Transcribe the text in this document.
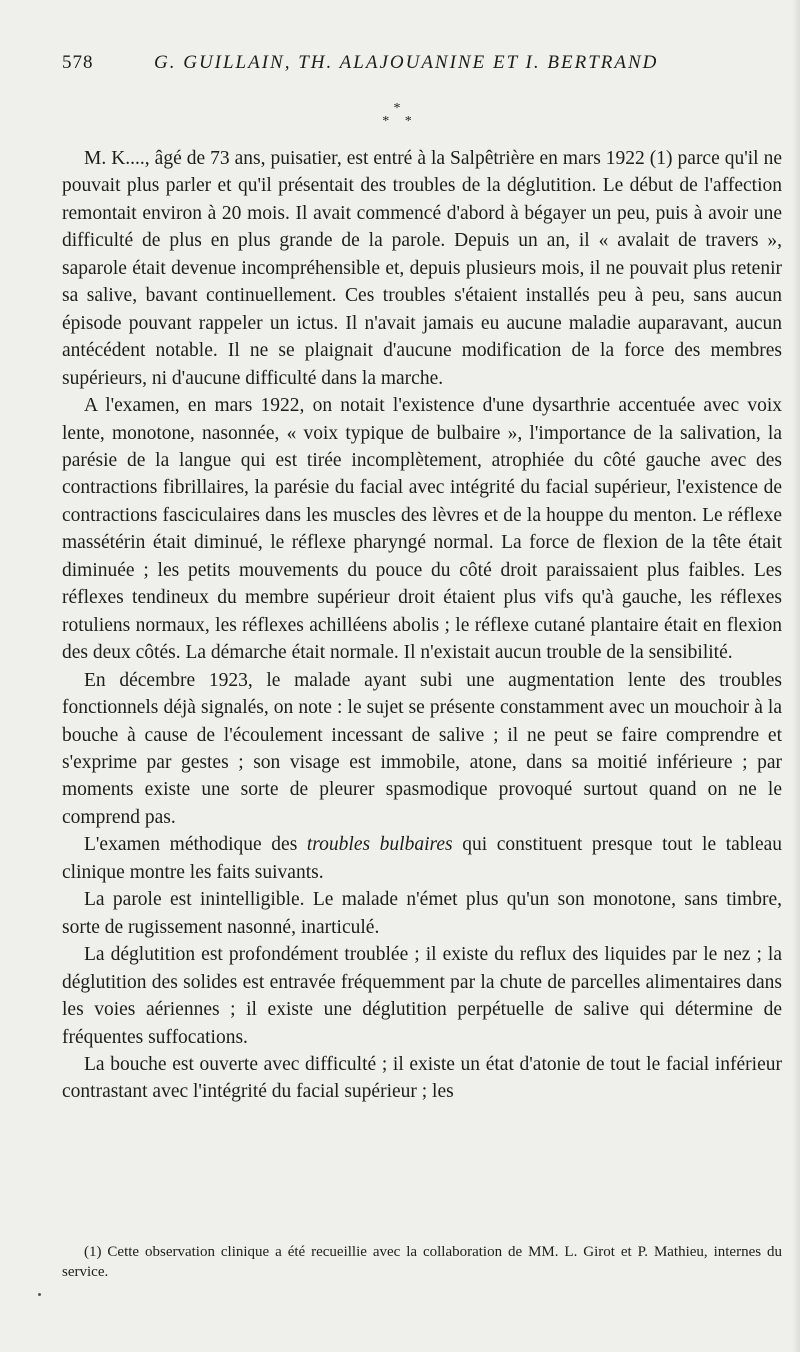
578	G. GUILLAIN, TH. ALAJOUANINE ET I. BERTRAND
*
* *

M. K...., âgé de 73 ans, puisatier, est entré à la Salpêtrière en mars 1922 (1) parce qu'il ne pouvait plus parler et qu'il présentait des troubles de la déglutition. Le début de l'affection remontait environ à 20 mois. Il avait commencé d'abord à bégayer un peu, puis à avoir une difficulté de plus en plus grande de la parole. Depuis un an, il « avalait de travers », saparole était devenue incompréhensible et, depuis plusieurs mois, il ne pouvait plus retenir sa salive, bavant continuellement. Ces troubles s'étaient installés peu à peu, sans aucun épisode pouvant rappeler un ictus. Il n'avait jamais eu aucune maladie auparavant, aucun antécédent notable. Il ne se plaignait d'aucune modification de la force des membres supérieurs, ni d'aucune difficulté dans la marche.

A l'examen, en mars 1922, on notait l'existence d'une dysarthrie accentuée avec voix lente, monotone, nasonnée, « voix typique de bulbaire », l'importance de la salivation, la parésie de la langue qui est tirée incomplètement, atrophiée du côté gauche avec des contractions fibrillaires, la parésie du facial avec intégrité du facial supérieur, l'existence de contractions fasciculaires dans les muscles des lèvres et de la houppe du menton. Le réflexe massétérin était diminué, le réflexe pharyngé normal. La force de flexion de la tête était diminuée ; les petits mouvements du pouce du côté droit paraissaient plus faibles. Les réflexes tendineux du membre supérieur droit étaient plus vifs qu'à gauche, les réflexes rotuliens normaux, les réflexes achilléens abolis ; le réflexe cutané plantaire était en flexion des deux côtés. La démarche était normale. Il n'existait aucun trouble de la sensibilité.

En décembre 1923, le malade ayant subi une augmentation lente des troubles fonctionnels déjà signalés, on note : le sujet se présente constamment avec un mouchoir à la bouche à cause de l'écoulement incessant de salive ; il ne peut se faire comprendre et s'exprime par gestes ; son visage est immobile, atone, dans sa moitié inférieure ; par moments existe une sorte de pleurer spasmodique provoqué surtout quand on ne le comprend pas.

L'examen méthodique des troubles bulbaires qui constituent presque tout le tableau clinique montre les faits suivants.

La parole est inintelligible. Le malade n'émet plus qu'un son monotone, sans timbre, sorte de rugissement nasonné, inarticulé.

La déglutition est profondément troublée ; il existe du reflux des liquides par le nez ; la déglutition des solides est entravée fréquemment par la chute de parcelles alimentaires dans les voies aériennes ; il existe une déglutition perpétuelle de salive qui détermine de fréquentes suffocations.

La bouche est ouverte avec difficulté ; il existe un état d'atonie de tout le facial inférieur contrastant avec l'intégrité du facial supérieur ; les

(1) Cette observation clinique a été recueillie avec la collaboration de MM. L. Girot et P. Mathieu, internes du service.
